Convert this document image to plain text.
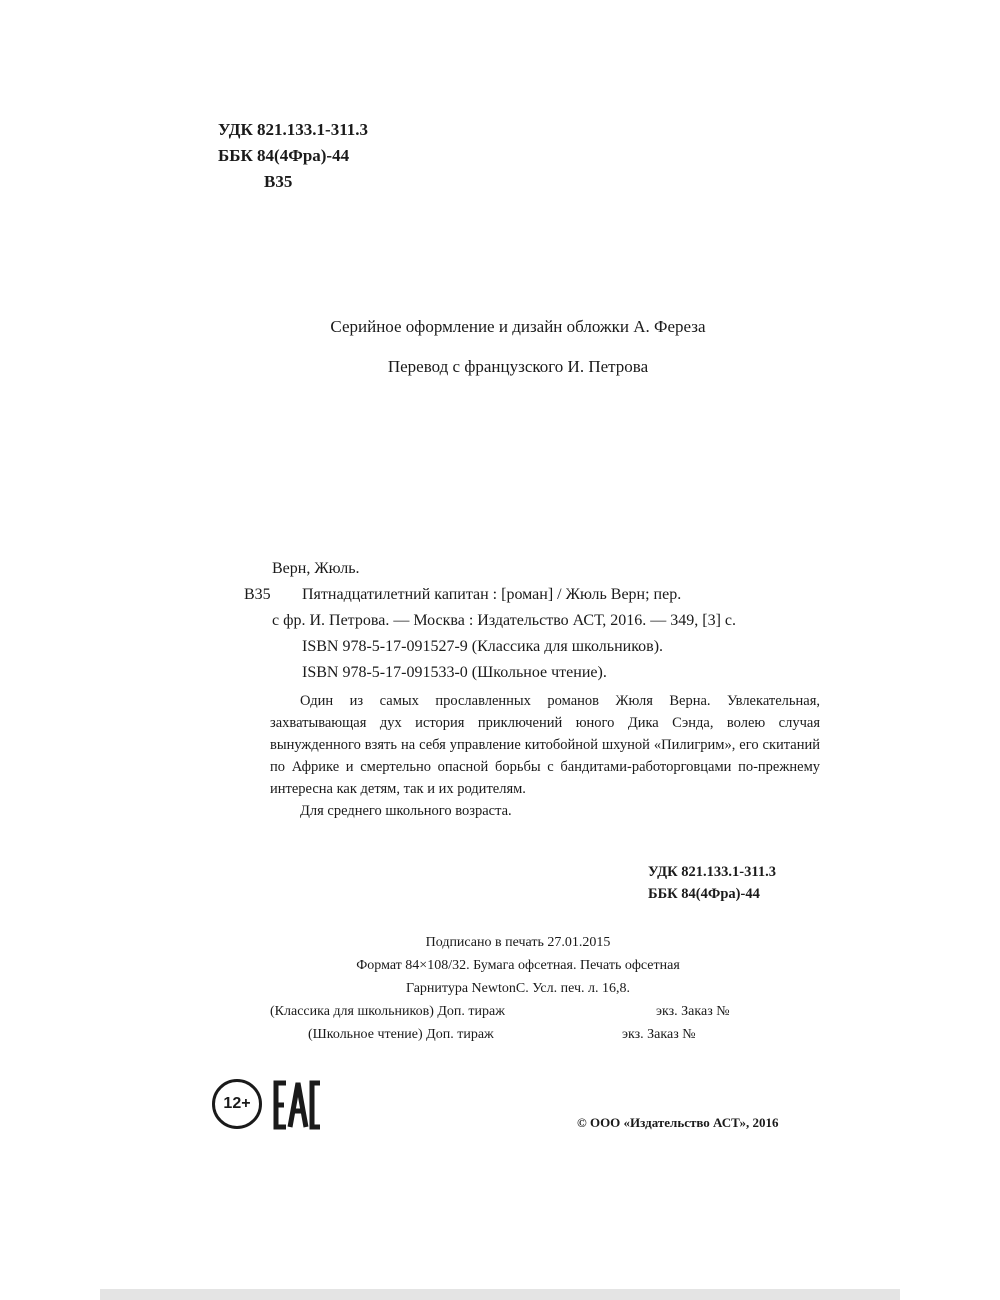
УДК 821.133.1-311.3
ББК 84(4Фра)-44
В35
Серийное оформление и дизайн обложки А. Фереза
Перевод с французского И. Петрова
Верн, Жюль.
В35 Пятнадцатилетний капитан : [роман] / Жюль Верн; пер.
с фр. И. Петрова. — Москва : Издательство АСТ, 2016. — 349, [3] с.
ISBN 978-5-17-091527-9 (Классика для школьников).
ISBN 978-5-17-091533-0 (Школьное чтение).

Один из самых прославленных романов Жюля Верна. Увлекательная, захватывающая дух история приключений юного Дика Сэнда, волею случая вынужденного взять на себя управление китобойной шхуной «Пилигрим», его скитаний по Африке и смертельно опасной борьбы с бандитами-работорговцами по-прежнему интересна как детям, так и их родителям.

Для среднего школьного возраста.

УДК 821.133.1-311.3
ББК 84(4Фра)-44
Подписано в печать 27.01.2015
Формат 84×108/32. Бумага офсетная. Печать офсетная
Гарнитура NewtonC. Усл. печ. л. 16,8.
(Классика для школьников) Доп. тираж	экз. Заказ №
(Школьное чтение) Доп. тираж	экз. Заказ №
12+
© ООО «Издательство АСТ», 2016
